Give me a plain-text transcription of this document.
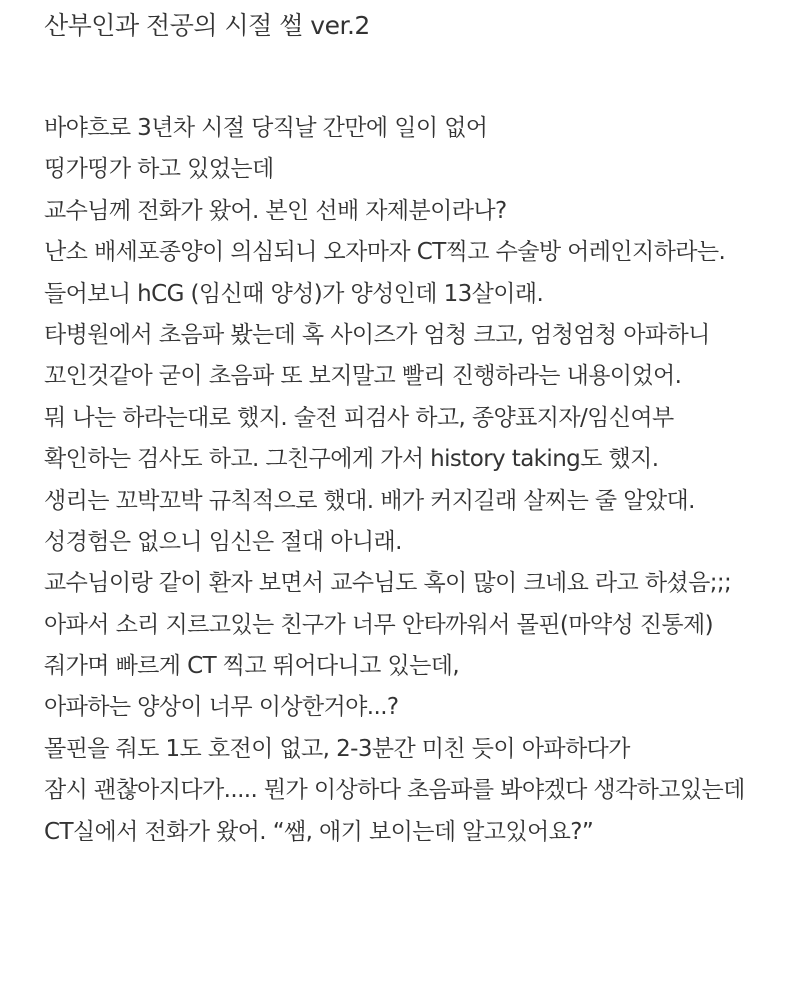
산부인과 전공의 시절 썰 ver.2
바야흐로 3년차 시절 당직날 간만에 일이 없어
띵가띵가 하고 있었는데
교수님께 전화가 왔어. 본인 선배 자제분이라나?
난소 배세포종양이 의심되니 오자마자 CT찍고 수술방 어레인지하라는.
들어보니 hCG (임신때 양성)가 양성인데 13살이래.
타병원에서 초음파 봤는데 혹 사이즈가 엄청 크고, 엄청엄청 아파하니
꼬인것같아 굳이 초음파 또 보지말고 빨리 진행하라는 내용이었어.
뭐 나는 하라는대로 했지. 술전 피검사 하고, 종양표지자/임신여부
확인하는 검사도 하고. 그친구에게 가서 history taking도 했지.
생리는 꼬박꼬박 규칙적으로 했대. 배가 커지길래 살찌는 줄 알았대.
성경험은 없으니 임신은 절대 아니래.
교수님이랑 같이 환자 보면서 교수님도 혹이 많이 크네요 라고 하셨음;;;
아파서 소리 지르고있는 친구가 너무 안타까워서 몰핀(마약성 진통제)
줘가며 빠르게 CT 찍고 뛰어다니고 있는데,
아파하는 양상이 너무 이상한거야...?
몰핀을 줘도 1도 호전이 없고, 2-3분간 미친 듯이 아파하다가
잠시 괜찮아지다가..... 뭔가 이상하다 초음파를 봐야겠다 생각하고있는데
CT실에서 전화가 왔어. “쌤, 애기 보이는데 알고있어요?”
